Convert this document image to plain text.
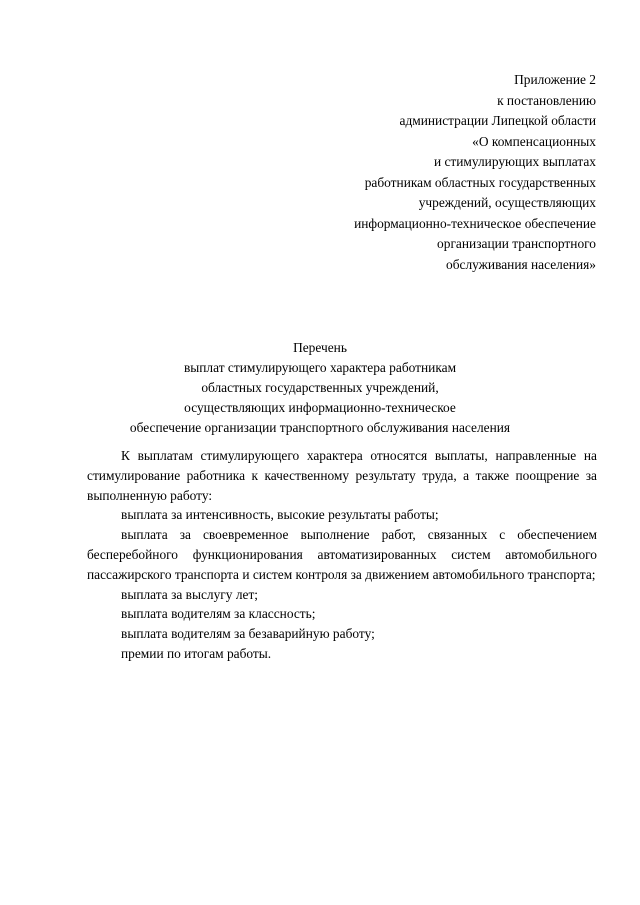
Приложение 2
к постановлению
администрации Липецкой области
«О компенсационных
и стимулирующих выплатах
работникам областных государственных
учреждений, осуществляющих
информационно-техническое обеспечение
организации транспортного
обслуживания населения»
Перечень
выплат стимулирующего характера работникам
областных государственных учреждений,
осуществляющих информационно-техническое
обеспечение организации транспортного обслуживания населения

К выплатам стимулирующего характера относятся выплаты, направленные на стимулирование работника к качественному результату труда, а также поощрение за выполненную работу:

выплата за интенсивность, высокие результаты работы;

выплата за своевременное выполнение работ, связанных с обеспечением бесперебойного функционирования автоматизированных систем автомобильного пассажирского транспорта и систем контроля за движением автомобильного транспорта;

выплата за выслугу лет;

выплата водителям за классность;

выплата водителям за безаварийную работу;

премии по итогам работы.
